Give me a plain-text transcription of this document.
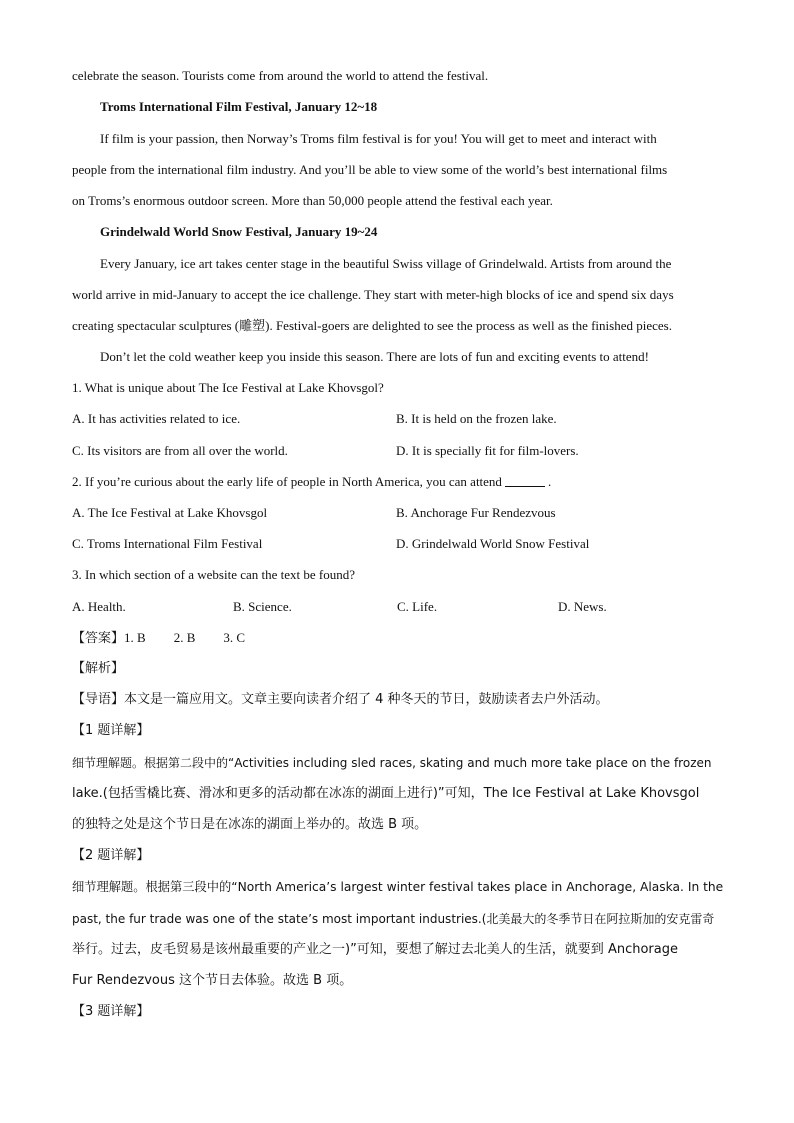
celebrate the season. Tourists come from around the world to attend the festival.
Troms International Film Festival, January 12~18
If film is your passion, then Norway’s Troms film festival is for you! You will get to meet and interact with
people from the international film industry. And you’ll be able to view some of the world’s best international films
on Troms’s enormous outdoor screen. More than 50,000 people attend the festival each year.
Grindelwald World Snow Festival, January 19~24
Every January, ice art takes center stage in the beautiful Swiss village of Grindelwald. Artists from around the
world arrive in mid-January to accept the ice challenge. They start with meter-high blocks of ice and spend six days
creating spectacular sculptures (雕塑). Festival-goers are delighted to see the process as well as the finished pieces.
Don’t let the cold weather keep you inside this season. There are lots of fun and exciting events to attend!
1. What is unique about The Ice Festival at Lake Khovsgol?
A. It has activities related to ice.	B. It is held on the frozen lake.
C. Its visitors are from all over the world.	D. It is specially fit for film-lovers.
2. If you’re curious about the early life of people in North America, you can attend	.
A. The Ice Festival at Lake Khovsgol	B. Anchorage Fur Rendezvous
C. Troms International Film Festival	D. Grindelwald World Snow Festival
3. In which section of a website can the text be found?
A. Health.	B. Science.	C. Life.	D. News.
【答案】1. B 2. B 3. C
【解析】
【导语】本文是一篇应用文。文章主要向读者介绍了 4 种冬天的节日，鼓励读者去户外活动。
【1 题详解】
细节理解题。根据第二段中的“Activities including sled races, skating and much more take place on the frozen
lake.(包括雪橇比赛、滑冰和更多的活动都在冰冻的湖面上进行)”可知，The Ice Festival at Lake Khovsgol
的独特之处是这个节日是在冰冻的湖面上举办的。故选 B 项。
【2 题详解】
细节理解题。根据第三段中的“North America’s largest winter festival takes place in Anchorage, Alaska. In the
past, the fur trade was one of the state’s most important industries.(北美最大的冬季节日在阿拉斯加的安克雷奇
举行。过去，皮毛贸易是该州最重要的产业之一)”可知，要想了解过去北美人的生活，就要到 Anchorage
Fur Rendezvous 这个节日去体验。故选 B 项。
【3 题详解】
